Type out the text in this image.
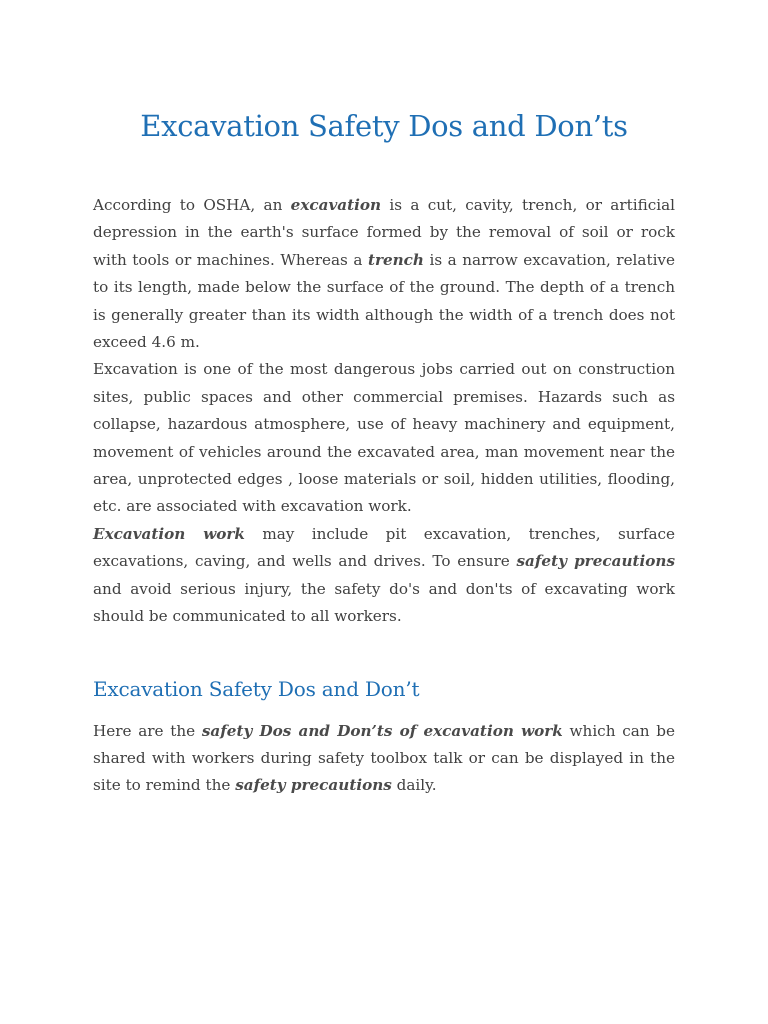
Excavation Safety Dos and Don’ts

According to OSHA, an excavation is a cut, cavity, trench, or artificial depression in the earth's surface formed by the removal of soil or rock with tools or machines. Whereas a trench is a narrow excavation, relative to its length, made below the surface of the ground. The depth of a trench is generally greater than its width although the width of a trench does not exceed 4.6 m.

Excavation is one of the most dangerous jobs carried out on construction sites, public spaces and other commercial premises. Hazards such as collapse, hazardous atmosphere, use of heavy machinery and equipment, movement of vehicles around the excavated area, man movement near the area, unprotected edges , loose materials or soil, hidden utilities, flooding, etc. are associated with excavation work.

Excavation work may include pit excavation, trenches, surface excavations, caving, and wells and drives. To ensure safety precautions and avoid serious injury, the safety do's and don'ts of excavating work should be communicated to all workers.

Excavation Safety Dos and Don’t

Here are the safety Dos and Don’ts of excavation work which can be shared with workers during safety toolbox talk or can be displayed in the site to remind the safety precautions daily.
